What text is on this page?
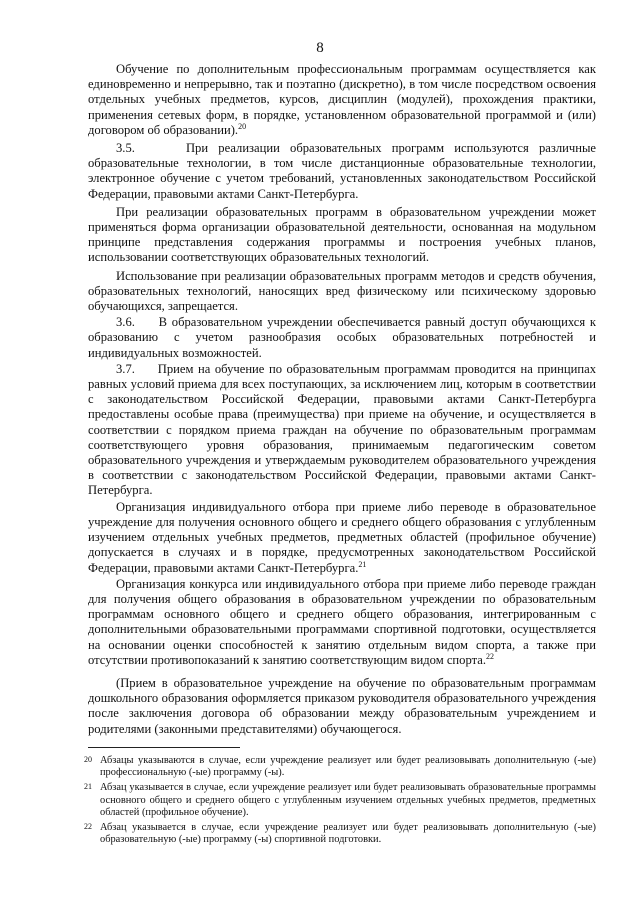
8

Обучение по дополнительным профессиональным программам осуществляется как единовременно и непрерывно, так и поэтапно (дискретно), в том числе посредством освоения отдельных учебных предметов, курсов, дисциплин (модулей), прохождения практики, применения сетевых форм, в порядке, установленном образовательной программой и (или) договором об образовании).$^{20}$

3.5.     При реализации образовательных программ используются различные образовательные технологии, в том числе дистанционные образовательные технологии, электронное обучение с учетом требований, установленных законодательством Российской Федерации, правовыми актами Санкт-Петербурга.

При реализации образовательных программ в образовательном учреждении может применяться форма организации образовательной деятельности, основанная на модульном принципе представления содержания программы и построения учебных планов, использовании соответствующих образовательных технологий.

Использование при реализации образовательных программ методов и средств обучения, образовательных технологий, наносящих вред физическому или психическому здоровью обучающихся, запрещается.

3.6.     В образовательном учреждении обеспечивается равный доступ обучающихся к образованию с учетом разнообразия особых образовательных потребностей и индивидуальных возможностей.

3.7.     Прием на обучение по образовательным программам проводится на принципах равных условий приема для всех поступающих, за исключением лиц, которым в соответствии с законодательством Российской Федерации, правовыми актами Санкт-Петербурга предоставлены особые права (преимущества) при приеме на обучение, и осуществляется в соответствии с порядком приема граждан на обучение по образовательным программам соответствующего уровня образования, принимаемым педагогическим советом образовательного учреждения и утверждаемым руководителем образовательного учреждения в соответствии с законодательством Российской Федерации, правовыми актами Санкт-Петербурга.

Организация индивидуального отбора при приеме либо переводе в образовательное учреждение для получения основного общего и среднего общего образования с углубленным изучением отдельных учебных предметов, предметных областей (профильное обучение) допускается в случаях и в порядке, предусмотренных законодательством Российской Федерации, правовыми актами Санкт-Петербурга.$^{21}$

Организация конкурса или индивидуального отбора при приеме либо переводе граждан для получения общего образования в образовательном учреждении по образовательным программам основного общего и среднего общего образования, интегрированным с дополнительными образовательными программами спортивной подготовки, осуществляется на основании оценки способностей к занятию отдельным видом спорта, а также при отсутствии противопоказаний к занятию соответствующим видом спорта.$^{22}$

(Прием в образовательное учреждение на обучение по образовательным программам дошкольного образования оформляется приказом руководителя образовательного учреждения после заключения договора об образовании между образовательным учреждением и родителями (законными представителями) обучающегося.

20 Абзацы указываются в случае, если учреждение реализует или будет реализовывать дополнительную (-ые) профессиональную (-ые) программу (-ы).
21 Абзац указывается в случае, если учреждение реализует или будет реализовывать образовательные программы основного общего и среднего общего с углубленным изучением отдельных учебных предметов, предметных областей (профильное обучение).
22 Абзац указывается в случае, если учреждение реализует или будет реализовывать дополнительную (-ые) образовательную (-ые) программу (-ы) спортивной подготовки.
